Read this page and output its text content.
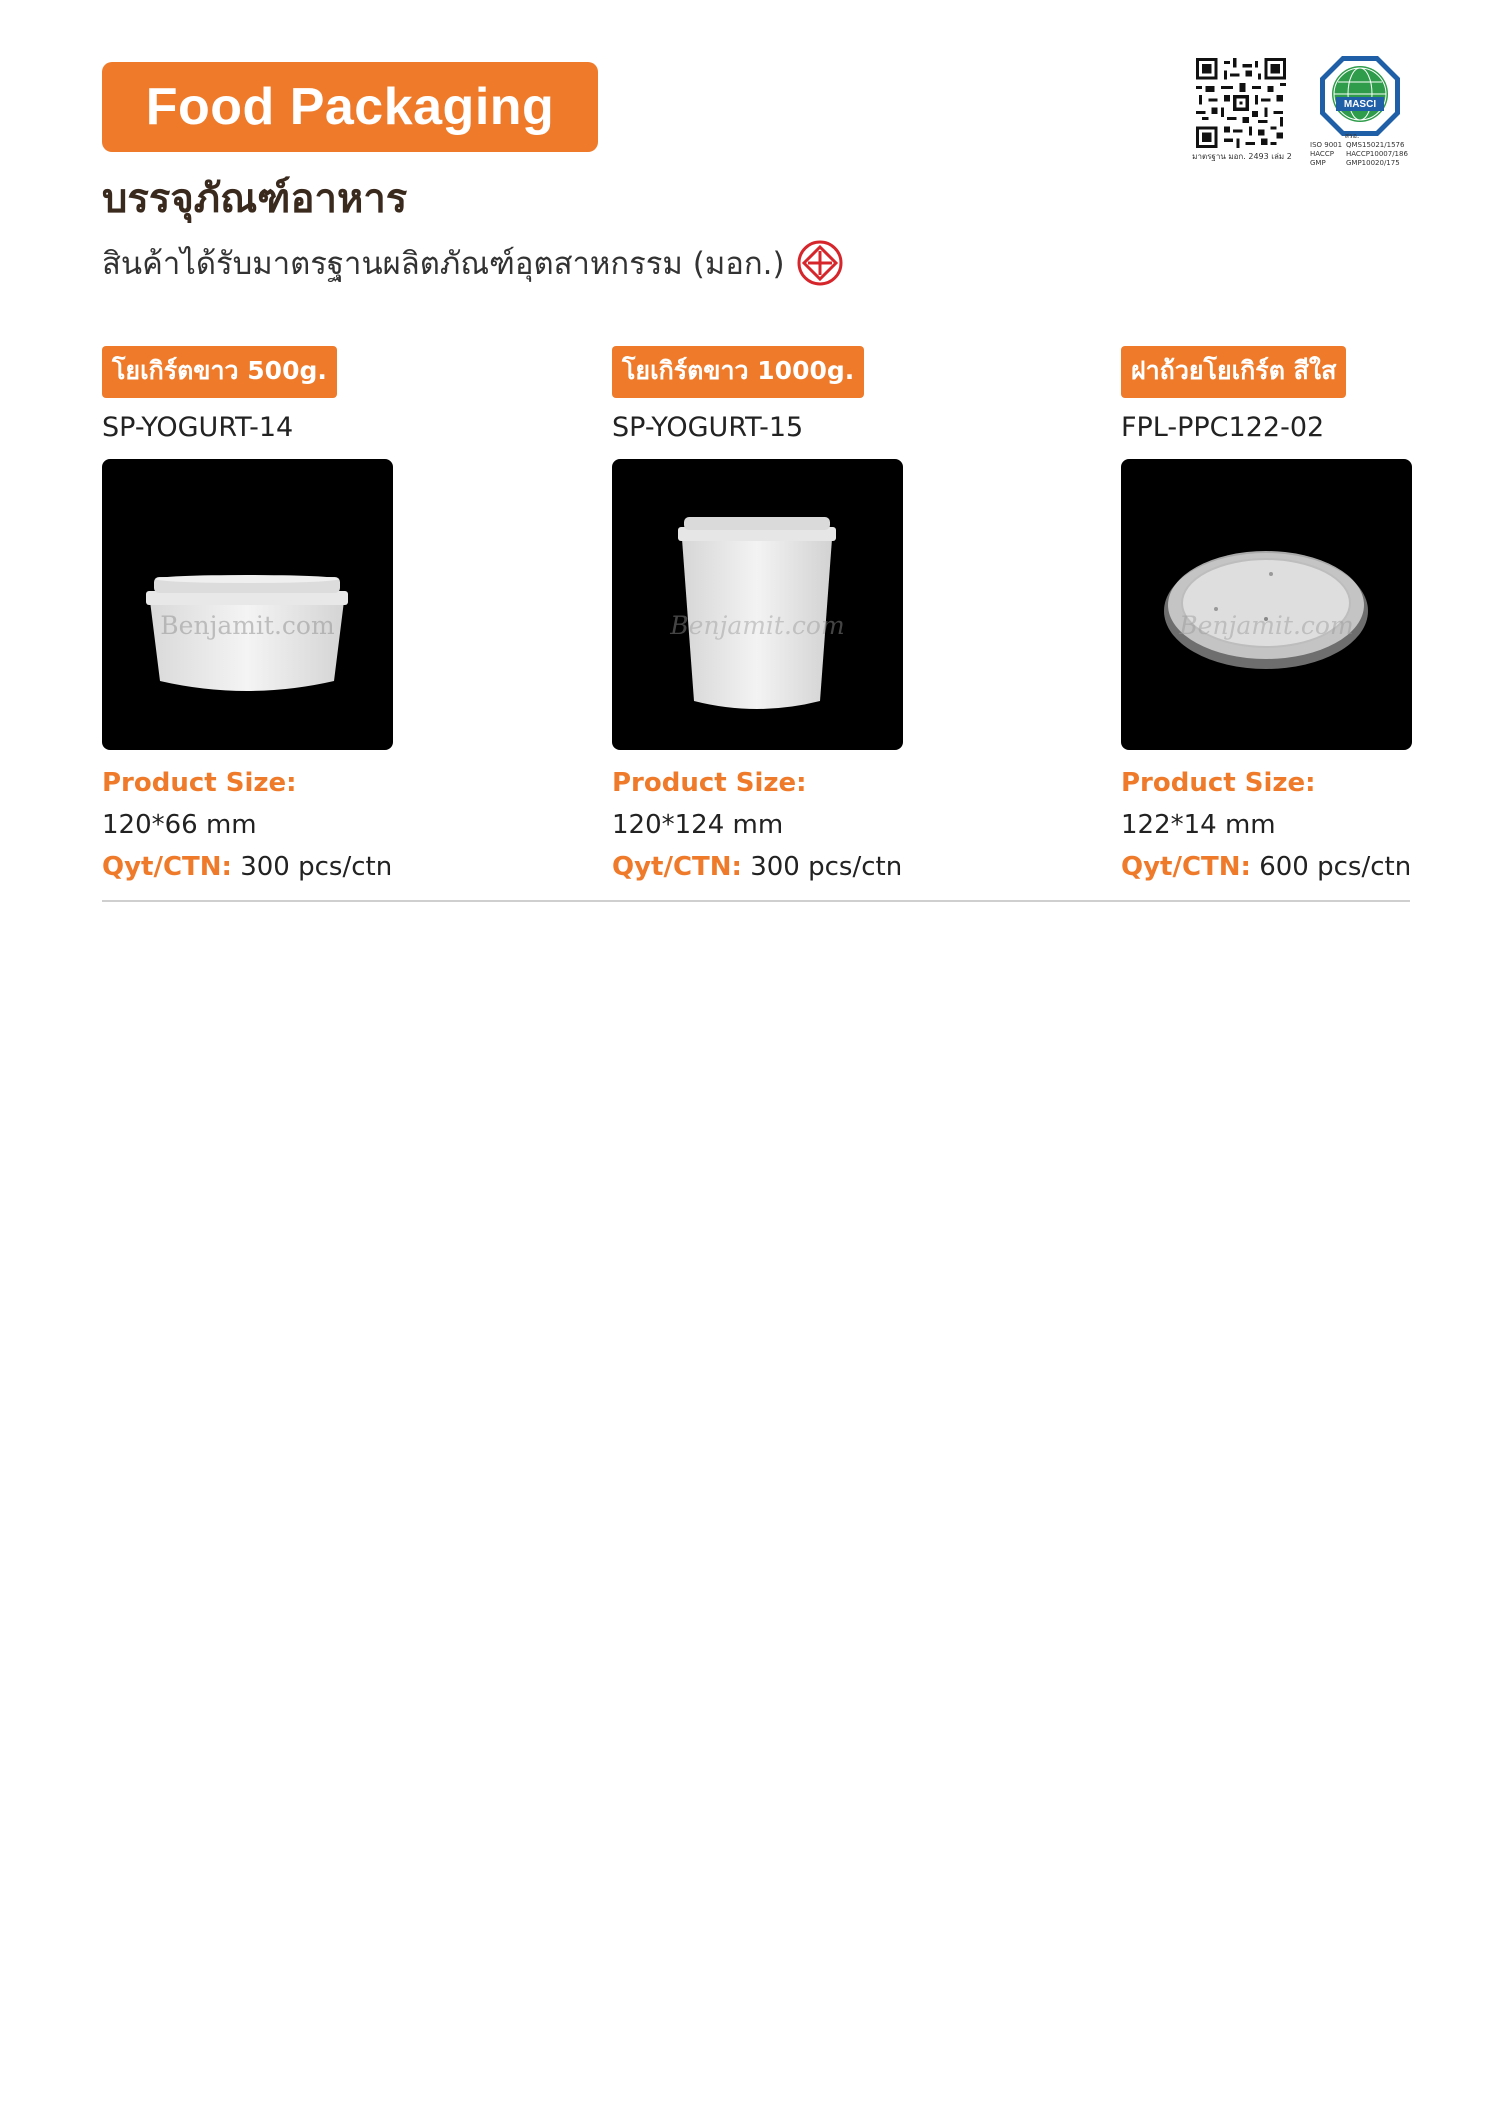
Food Packaging
บรรจุภัณฑ์อาหาร
สินค้าได้รับมาตรฐานผลิตภัณฑ์อุตสาหกรรม (มอก.)
มาตรฐาน มอก. 2493 เล่ม 2
สรอ.
ISO 9001 QMS15021/1576
HACCP	HACCP10007/186
GMP	GMP10020/175
MASCI
โยเกิร์ตขาว 500g.
SP-YOGURT-14
Benjamit.com
Product Size:
120*66 mm
Qyt/CTN: 300 pcs/ctn
โยเกิร์ตขาว 1000g.
SP-YOGURT-15
Benjamit.com
Product Size:
120*124 mm
Qyt/CTN: 300 pcs/ctn
ฝาถ้วยโยเกิร์ต สีใส
FPL-PPC122-02
Benjamit.com
Product Size:
122*14 mm
Qyt/CTN: 600 pcs/ctn
